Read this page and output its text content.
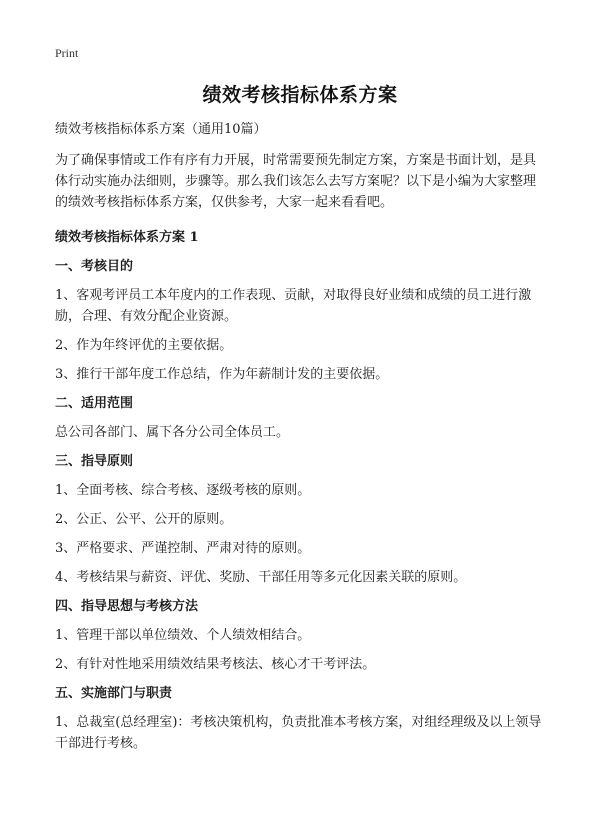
Print
绩效考核指标体系方案

绩效考核指标体系方案（通用10篇）

为了确保事情或工作有序有力开展，时常需要预先制定方案，方案是书面计划，是具体行动实施办法细则，步骤等。那么我们该怎么去写方案呢？以下是小编为大家整理的绩效考核指标体系方案，仅供参考，大家一起来看看吧。

绩效考核指标体系方案 1

一、考核目的

1、客观考评员工本年度内的工作表现、贡献，对取得良好业绩和成绩的员工进行激励，合理、有效分配企业资源。

2、作为年终评优的主要依据。

3、推行干部年度工作总结，作为年薪制计发的主要依据。

二、适用范围

总公司各部门、属下各分公司全体员工。

三、指导原则

1、全面考核、综合考核、逐级考核的原则。

2、公正、公平、公开的原则。

3、严格要求、严谨控制、严肃对待的原则。

4、考核结果与薪资、评优、奖励、干部任用等多元化因素关联的原则。

四、指导思想与考核方法

1、管理干部以单位绩效、个人绩效相结合。

2、有针对性地采用绩效结果考核法、核心才干考评法。

五、实施部门与职责

1、总裁室(总经理室)：考核决策机构，负责批准本考核方案，对组经理级及以上领导干部进行考核。
